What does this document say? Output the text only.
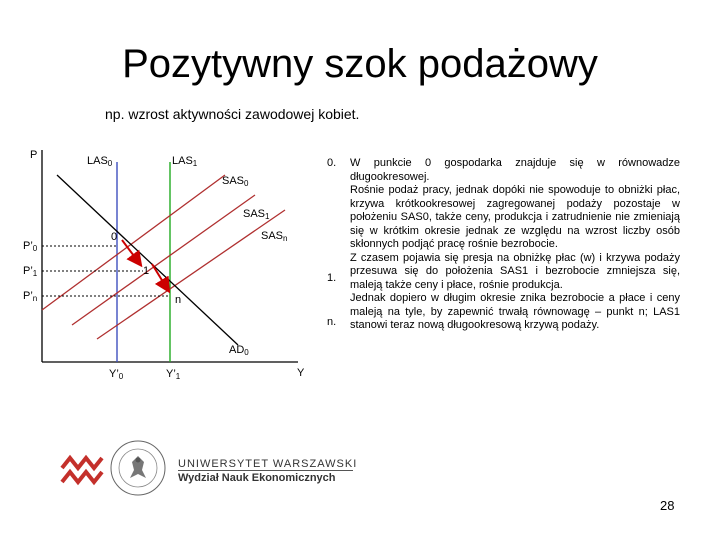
Pozytywny szok podażowy
np. wzrost aktywności zawodowej kobiet.
P
Y
$LAS_0$	$LAS_1$
$SAS_0$
$SAS_1$
$SAS_n$
$AD_0$
$P’_0$
$P’_1$
$P’_n$
$Y’_0$	$Y’_1$
0
1
n
0.
1.
n.
W punkcie 0 gospodarka znajduje się w równowadze długookresowej.
Rośnie podaż pracy, jednak dopóki nie spowoduje to obniżki płac, krzywa krótkookresowej zagregowanej podaży pozostaje w położeniu SAS0, także ceny, produkcja i zatrudnienie nie zmieniają się w krótkim okresie jednak ze względu na wzrost liczby osób skłonnych podjąć pracę rośnie bezrobocie.
Z czasem pojawia się presja na obniżkę płac (w) i krzywa podaży przesuwa się do położenia SAS1 i bezrobocie zmniejsza się, maleją także ceny i płace, rośnie produkcja.
Jednak dopiero w długim okresie znika bezrobocie a płace i ceny maleją na tyle, by zapewnić trwałą równowagę – punkt n; LAS1 stanowi teraz nową długookresową krzywą podaży.
UNIWERSYTET WARSZAWSKI
Wydział Nauk Ekonomicznych
28
